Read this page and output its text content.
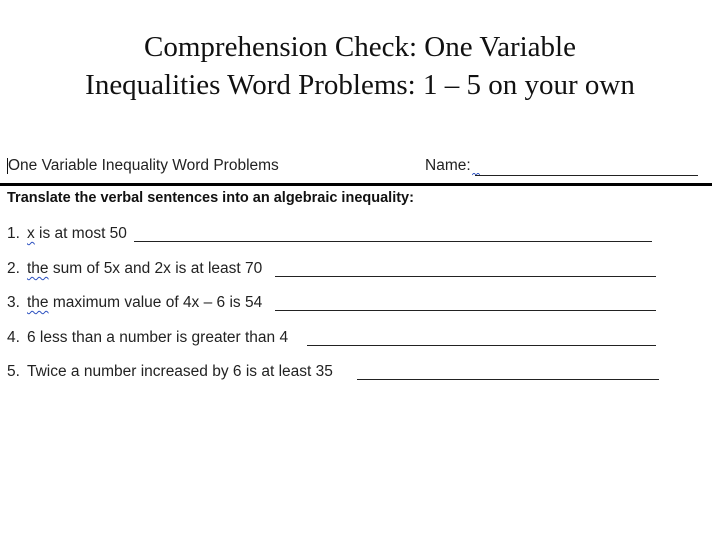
Comprehension Check: One Variable
Inequalities Word Problems: 1 – 5 on your own
One Variable Inequality Word Problems	Name:
Translate the verbal sentences into an algebraic inequality:
1. x is at most 50
2. the sum of 5x and 2x is at least 70
3. the maximum value of 4x – 6 is 54
4. 6 less than a number is greater than 4
5. Twice a number increased by 6 is at least 35
